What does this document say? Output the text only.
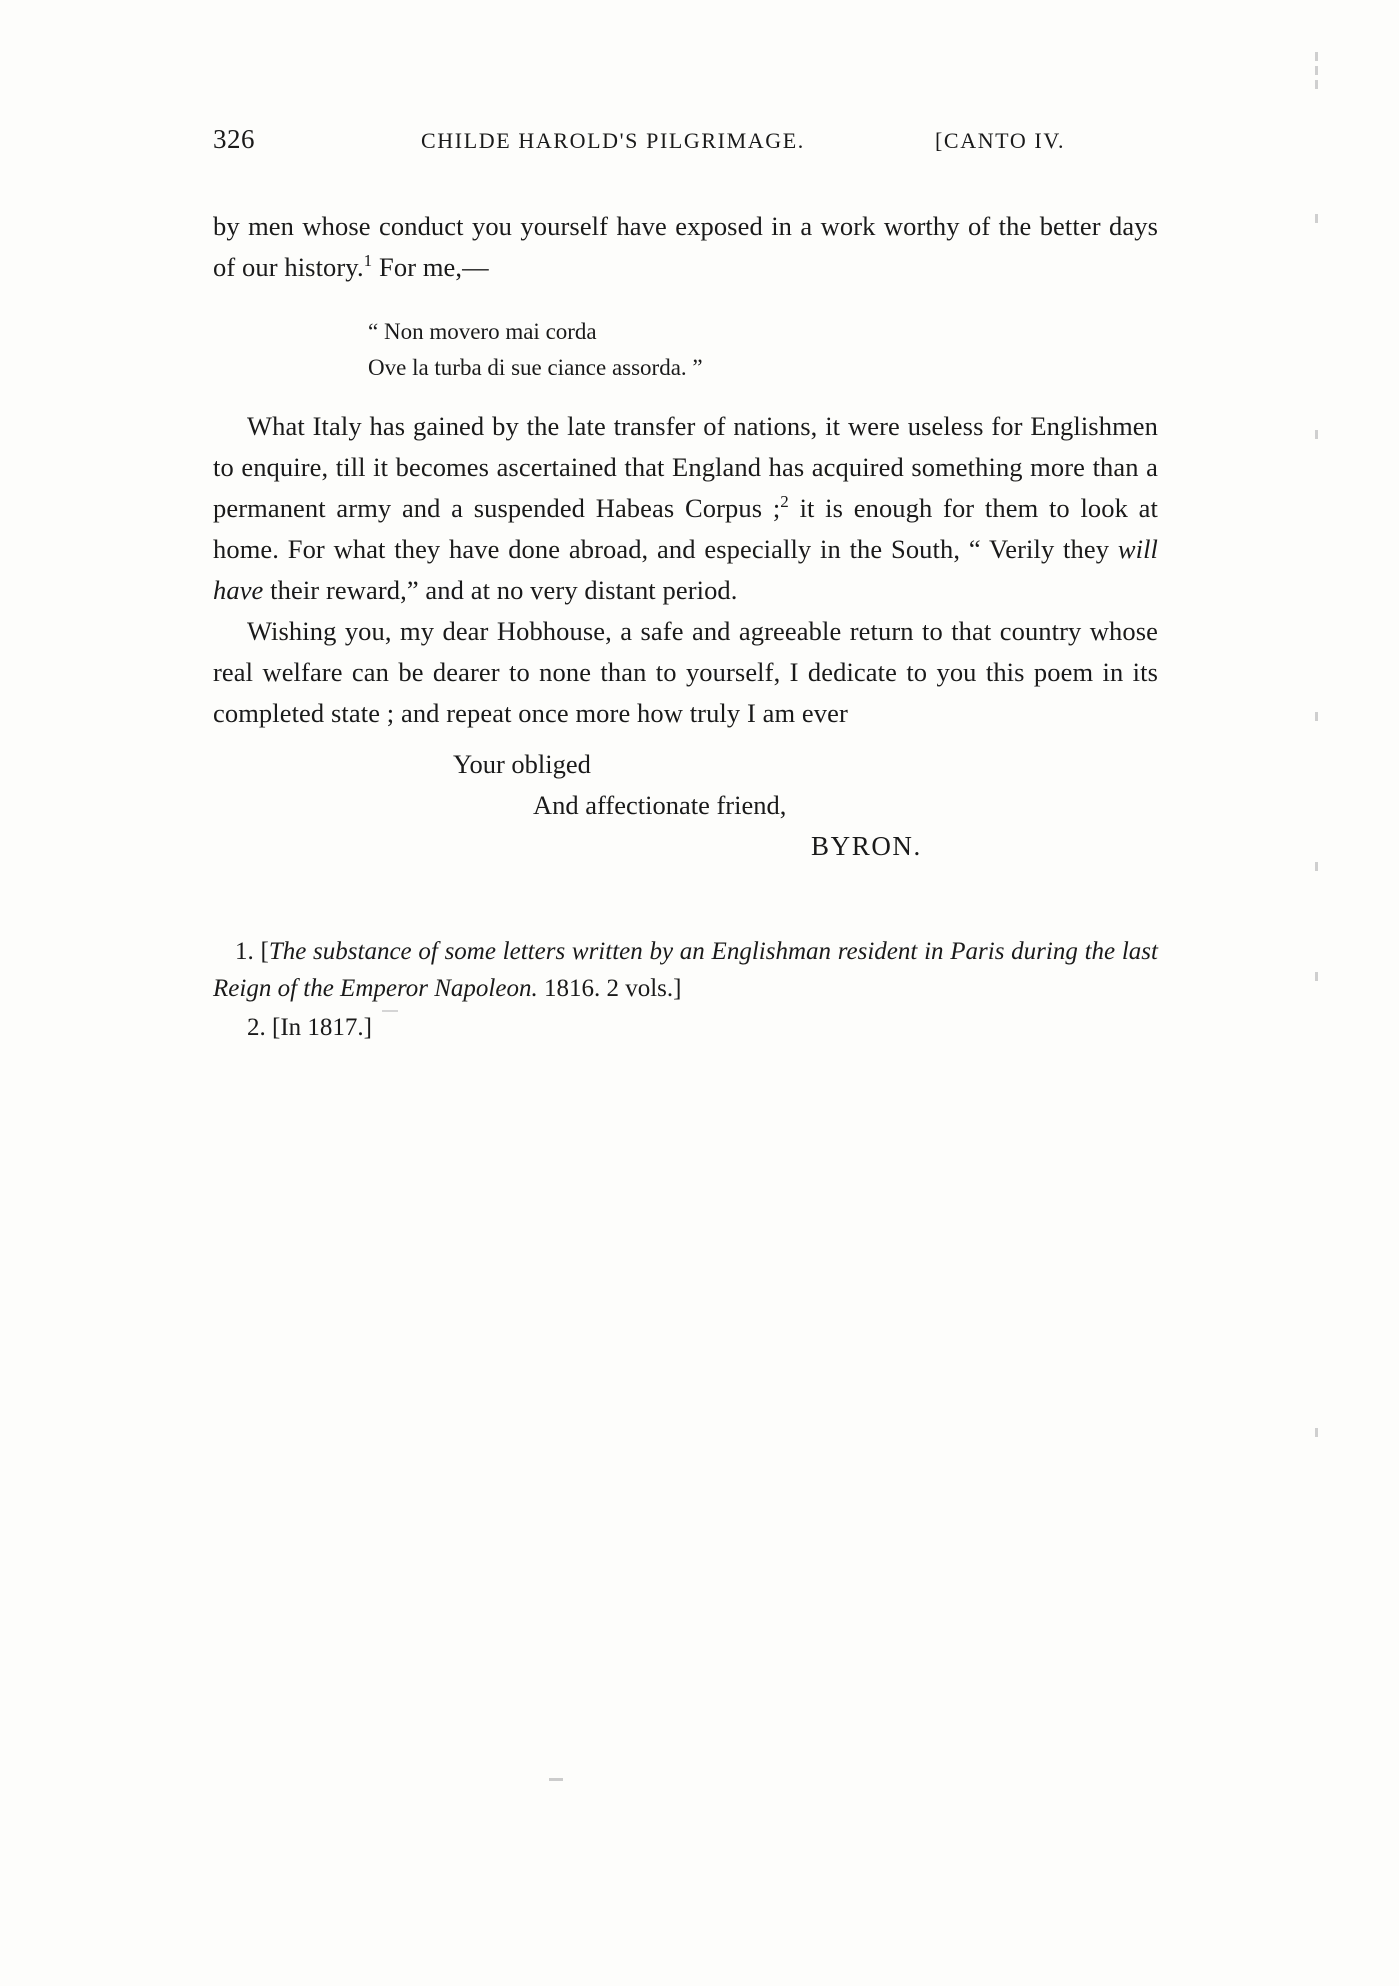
326	CHILDE HAROLD'S PILGRIMAGE.	[CANTO IV.

by men whose conduct you yourself have exposed in a work worthy of the better days of our history.$^1$ For me,—

“ Non movero mai corda
Ove la turba di sue ciance assorda. ”

What Italy has gained by the late transfer of nations, it were useless for Englishmen to enquire, till it becomes ascertained that England has acquired something more than a permanent army and a suspended Habeas Corpus ;$^2$ it is enough for them to look at home. For what they have done abroad, and especially in the South, “ Verily they will have their reward,” and at no very distant period.

Wishing you, my dear Hobhouse, a safe and agreeable return to that country whose real welfare can be dearer to none than to yourself, I dedicate to you this poem in its completed state ; and repeat once more how truly I am ever

Your obliged
And affectionate friend,
BYRON.
1. [The substance of some letters written by an Englishman resident in Paris during the last Reign of the Emperor Napoleon. 1816. 2 vols.]
2. [In 1817.]
